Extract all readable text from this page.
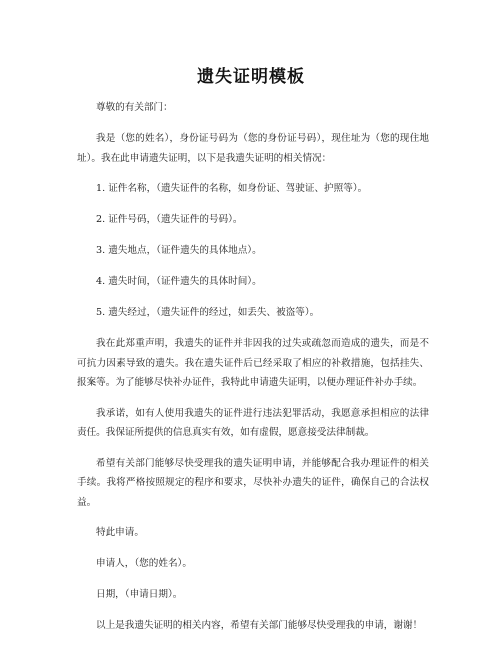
遗失证明模板

尊敬的有关部门：

我是（您的姓名），身份证号码为（您的身份证号码），现住址为（您的现住地址）。我在此申请遗失证明，以下是我遗失证明的相关情况：

1. 证件名称，（遗失证件的名称，如身份证、驾驶证、护照等）。

2. 证件号码，（遗失证件的号码）。

3. 遗失地点，（证件遗失的具体地点）。

4. 遗失时间，（证件遗失的具体时间）。

5. 遗失经过，（遗失证件的经过，如丢失、被盗等）。

我在此郑重声明，我遗失的证件并非因我的过失或疏忽而造成的遗失，而是不可抗力因素导致的遗失。我在遗失证件后已经采取了相应的补救措施，包括挂失、报案等。为了能够尽快补办证件，我特此申请遗失证明，以便办理证件补办手续。

我承诺，如有人使用我遗失的证件进行违法犯罪活动，我愿意承担相应的法律责任。我保证所提供的信息真实有效，如有虚假，愿意接受法律制裁。

希望有关部门能够尽快受理我的遗失证明申请，并能够配合我办理证件的相关手续。我将严格按照规定的程序和要求，尽快补办遗失的证件，确保自己的合法权益。

特此申请。

申请人，（您的姓名）。

日期，（申请日期）。

以上是我遗失证明的相关内容，希望有关部门能够尽快受理我的申请，谢谢！
